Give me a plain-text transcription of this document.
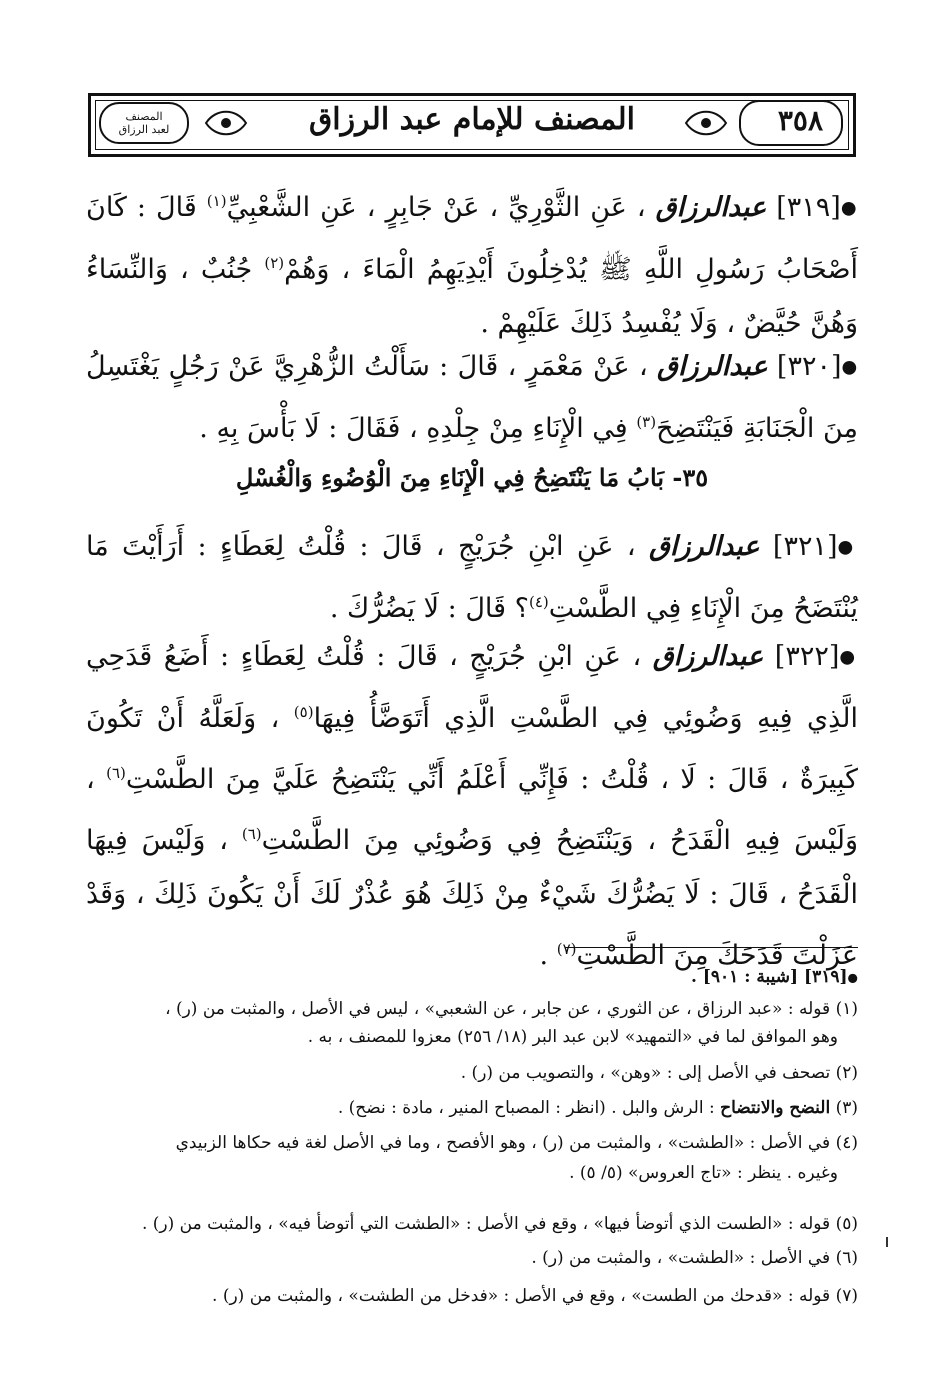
٣٥٨
المصنف للإمام عبد الرزاق
المصنف
لعبد الرزاق
●[٣١٩] عبدالرزاق ، عَنِ الثَّوْرِيِّ ، عَنْ جَابِرٍ ، عَنِ الشَّعْبِيِّ$^{(١)}$ قَالَ : كَانَ أَصْحَابُ رَسُولِ اللَّهِ ﷺ يُدْخِلُونَ أَيْدِيَهِمُ الْمَاءَ ، وَهُمْ$^{(٢)}$ جُنُبٌ ، وَالنِّسَاءُ وَهُنَّ حُيَّضٌ ، وَلَا يُفْسِدُ ذَلِكَ عَلَيْهِمْ .
●[٣٢٠] عبدالرزاق ، عَنْ مَعْمَرٍ ، قَالَ : سَأَلْتُ الزُّهْرِيَّ عَنْ رَجُلٍ يَغْتَسِلُ مِنَ الْجَنَابَةِ فَيَنْتَضِحَ$^{(٣)}$ فِي الْإِنَاءِ مِنْ جِلْدِهِ ، فَقَالَ : لَا بَأْسَ بِهِ .
٣٥- بَابُ مَا يَنْتَضِحُ فِي الْإِنَاءِ مِنَ الْوُضُوءِ وَالْغُسْلِ
●[٣٢١] عبدالرزاق ، عَنِ ابْنِ جُرَيْجٍ ، قَالَ : قُلْتُ لِعَطَاءٍ : أَرَأَيْتَ مَا يُنْتَضَحُ مِنَ الْإِنَاءِ فِي الطَّسْتِ$^{(٤)}$؟ قَالَ : لَا يَضُرُّكَ .
●[٣٢٢] عبدالرزاق ، عَنِ ابْنِ جُرَيْجٍ ، قَالَ : قُلْتُ لِعَطَاءٍ : أَضَعُ قَدَحِي الَّذِي فِيهِ وَضُوئِي فِي الطَّسْتِ الَّذِي أَتَوَضَّأُ فِيهَا$^{(٥)}$ ، وَلَعَلَّهُ أَنْ تَكُونَ كَبِيرَةٌ ، قَالَ : لَا ، قُلْتُ : فَإِنِّي أَعْلَمُ أَنِّي يَنْتَضِحُ عَلَيَّ مِنَ الطَّسْتِ$^{(٦)}$ ، وَلَيْسَ فِيهِ الْقَدَحُ ، وَيَنْتَضِحُ فِي وَضُوئِي مِنَ الطَّسْتِ$^{(٦)}$ ، وَلَيْسَ فِيهَا الْقَدَحُ ، قَالَ : لَا يَضُرُّكَ شَيْءٌ مِنْ ذَلِكَ هُوَ عُذْرٌ لَكَ أَنْ يَكُونَ ذَلِكَ ، وَقَدْ عَزَلْتَ قَدَحَكَ مِنَ الطَّسْتِ$^{(٧)}$ .
●[٣١٩] [شيبة : ٩٠١] .
(١) قوله : «عبد الرزاق ، عن الثوري ، عن جابر ، عن الشعبي» ، ليس في الأصل ، والمثبت من (ر) ،
وهو الموافق لما في «التمهيد» لابن عبد البر (١٨/ ٢٥٦) معزوا للمصنف ، به .
(٢) تصحف في الأصل إلى : «وهن» ، والتصويب من (ر) .
(٣) النضح والانتضاح : الرش والبل . (انظر : المصباح المنير ، مادة : نضح) .
(٤) في الأصل : «الطشت» ، والمثبت من (ر) ، وهو الأفصح ، وما في الأصل لغة فيه حكاها الزبيدي
وغيره . ينظر : «تاج العروس» (٥/ ٥) .
(٥) قوله : «الطست الذي أتوضأ فيها» ، وقع في الأصل : «الطشت التي أتوضأ فيه» ، والمثبت من (ر) .
(٦) في الأصل : «الطشت» ، والمثبت من (ر) .
(٧) قوله : «قدحك من الطست» ، وقع في الأصل : «فدخل من الطشت» ، والمثبت من (ر) .
